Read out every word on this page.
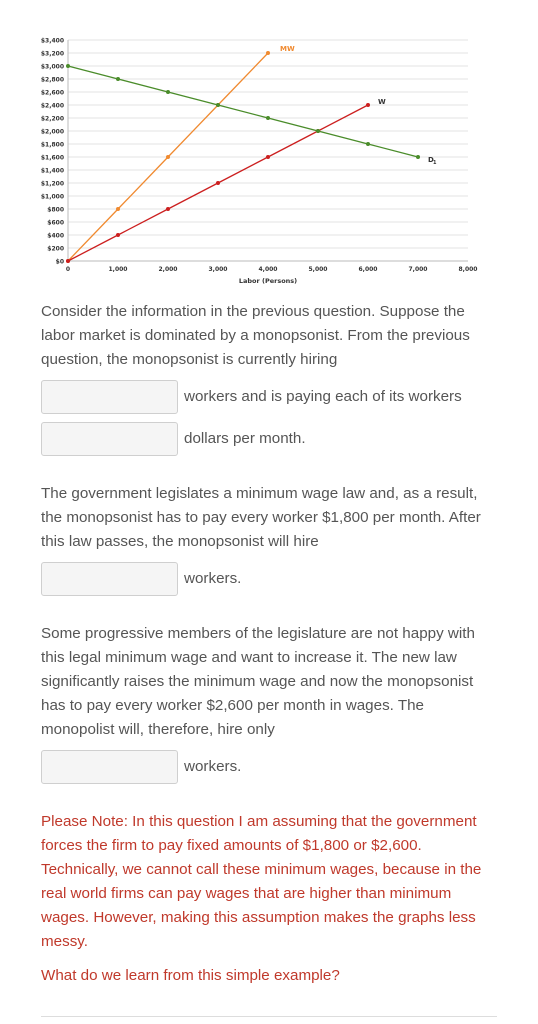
$0
$200
$400
$600
$800
$1,000
$1,200
$1,400
$1,600
$1,800
$2,000
$2,200
$2,400
$2,600
$2,800
$3,000
$3,200
$3,400
0	1,000	2,000	3,000	4,000	5,000	6,000	7,000	8,000
Labor (Persons)
MW
W
D 1

Consider the information in the previous question. Suppose the labor market is dominated by a monopsonist. From the previous question, the monopsonist is currently hiring

workers and is paying each of its workers
dollars per month.

The government legislates a minimum wage law and, as a result, the monopsonist has to pay every worker $1,800 per month. After this law passes, the monopsonist will hire

workers.

Some progressive members of the legislature are not happy with this legal minimum wage and want to increase it. The new law significantly raises the minimum wage and now the monopsonist has to pay every worker $2,600 per month in wages. The monopolist will, therefore, hire only

workers.

Please Note: In this question I am assuming that the government forces the firm to pay fixed amounts of $1,800 or $2,600. Technically, we cannot call these minimum wages, because in the real world firms can pay wages that are higher than minimum wages. However, making this assumption makes the graphs less messy.

What do we learn from this simple example?
